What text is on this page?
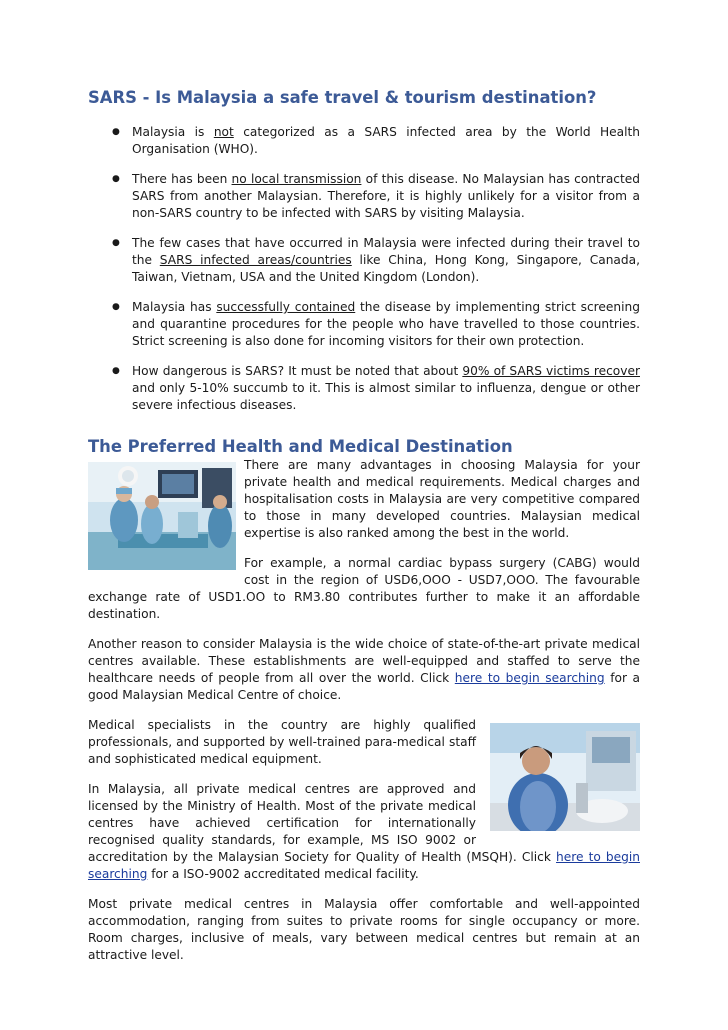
SARS - Is Malaysia a safe travel & tourism destination?
● Malaysia is not categorized as a SARS infected area by the World Health Organisation (WHO).
● There has been no local transmission of this disease. No Malaysian has contracted SARS from another Malaysian. Therefore, it is highly unlikely for a visitor from a non-SARS country to be infected with SARS by visiting Malaysia.
● The few cases that have occurred in Malaysia were infected during their travel to the SARS infected areas/countries like China, Hong Kong, Singapore, Canada, Taiwan, Vietnam, USA and the United Kingdom (London).
● Malaysia has successfully contained the disease by implementing strict screening and quarantine procedures for the people who have travelled to those countries. Strict screening is also done for incoming visitors for their own protection.
● How dangerous is SARS? It must be noted that about 90% of SARS victims recover and only 5-10% succumb to it. This is almost similar to influenza, dengue or other severe infectious diseases.
The Preferred Health and Medical Destination

There are many advantages in choosing Malaysia for your private health and medical requirements. Medical charges and hospitalisation costs in Malaysia are very competitive compared to those in many developed countries. Malaysian medical expertise is also ranked among the best in the world.

For example, a normal cardiac bypass surgery (CABG) would cost in the region of USD6,OOO - USD7,OOO. The favourable exchange rate of USD1.OO to RM3.80 contributes further to make it an affordable destination.

Another reason to consider Malaysia is the wide choice of state-of-the-art private medical centres available. These establishments are well-equipped and staffed to serve the healthcare needs of people from all over the world. Click here to begin searching for a good Malaysian Medical Centre of choice.

Medical specialists in the country are highly qualified professionals, and supported by well-trained para-medical staff and sophisticated medical equipment.

In Malaysia, all private medical centres are approved and licensed by the Ministry of Health. Most of the private medical centres have achieved certification for internationally recognised quality standards, for example, MS ISO 9002 or accreditation by the Malaysian Society for Quality of Health (MSQH). Click here to begin searching for a ISO-9002 accreditated medical facility.

Most private medical centres in Malaysia offer comfortable and well-appointed accommodation, ranging from suites to private rooms for single occupancy or more. Room charges, inclusive of meals, vary between medical centres but remain at an attractive level.
